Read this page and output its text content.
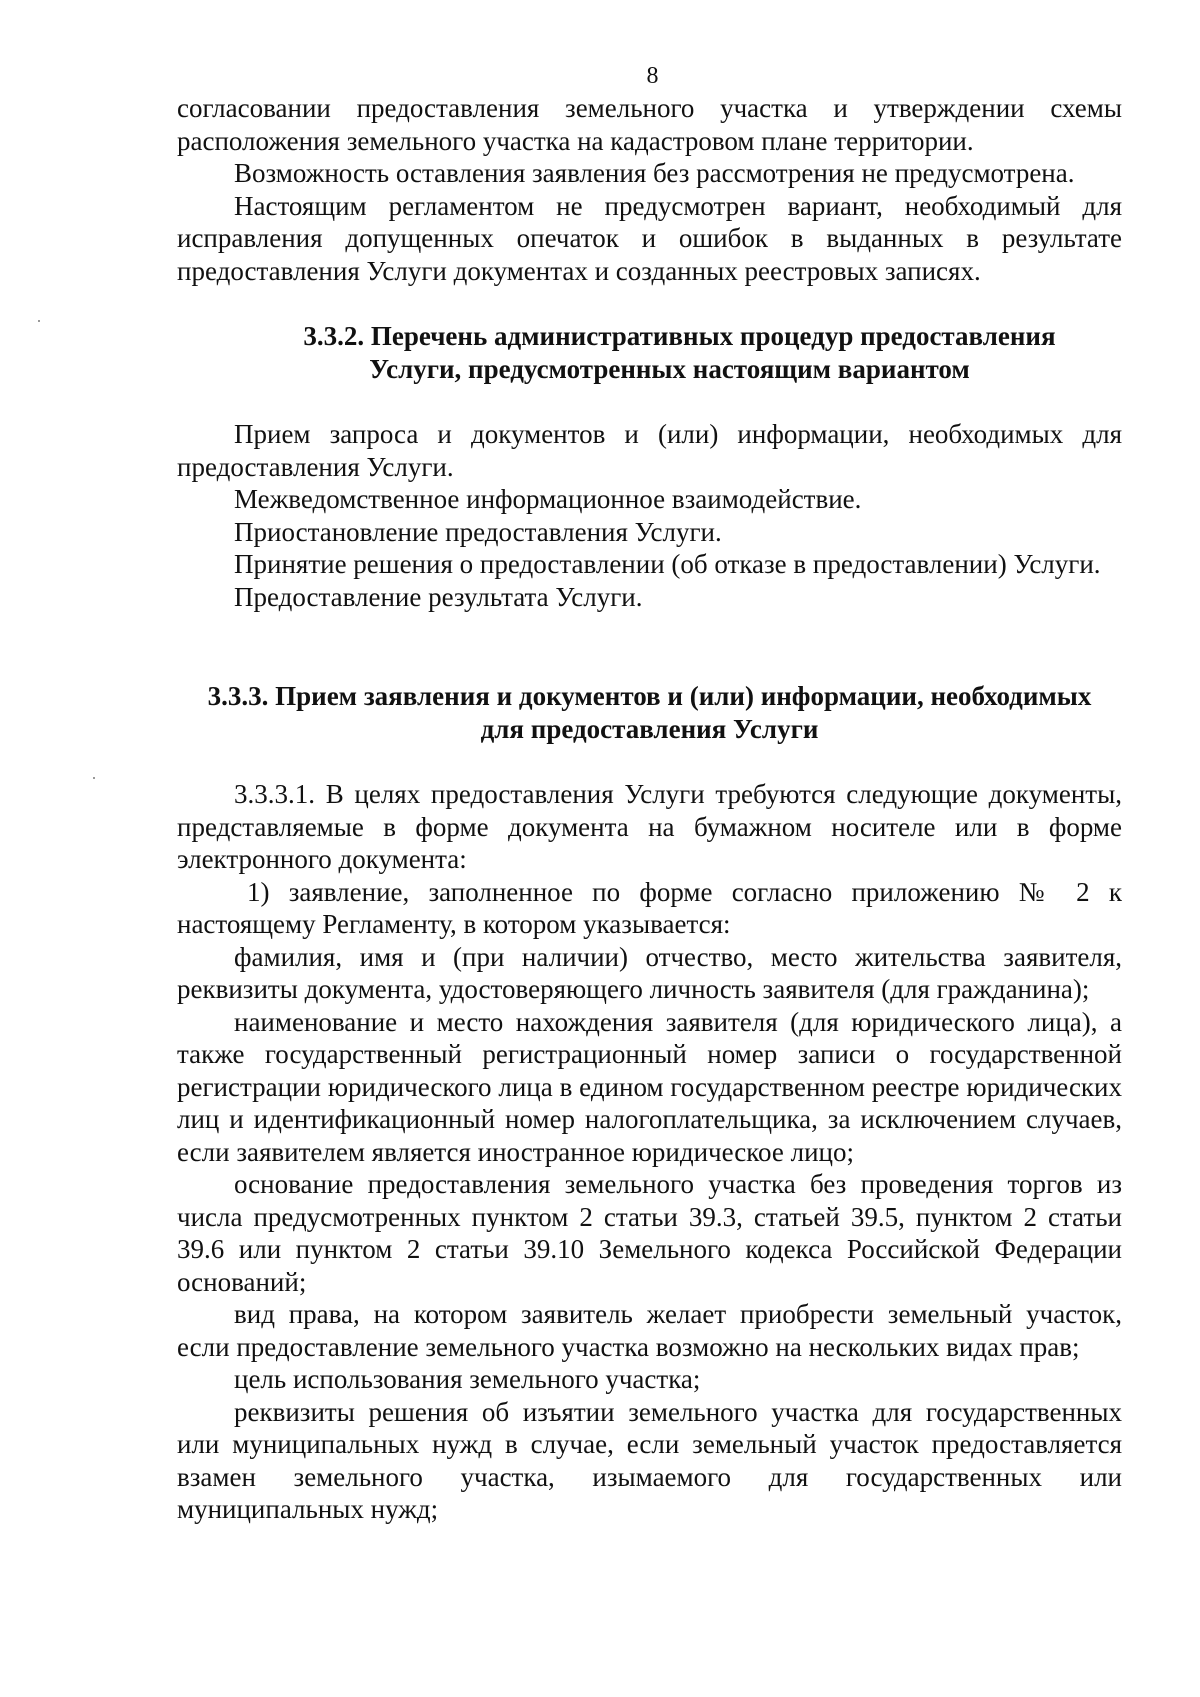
8

согласовании предоставления земельного участка и утверждении схемы расположения земельного участка на кадастровом плане территории.

Возможность оставления заявления без рассмотрения не предусмотрена.

Настоящим регламентом не предусмотрен вариант, необходимый для исправления допущенных опечаток и ошибок в выданных в результате предоставления Услуги документах и созданных реестровых записях.

3.3.2. Перечень административных процедур предоставления

Услуги, предусмотренных настоящим вариантом

Прием запроса и документов и (или) информации, необходимых для предоставления Услуги.

Межведомственное информационное взаимодействие.

Приостановление предоставления Услуги.

Принятие решения о предоставлении (об отказе в предоставлении) Услуги.

Предоставление результата Услуги.

3.3.3. Прием заявления и документов и (или) информации, необходимых

для предоставления Услуги

3.3.3.1. В целях предоставления Услуги требуются следующие документы, представляемые в форме документа на бумажном носителе или в форме электронного документа:

1) заявление, заполненное по форме согласно приложению № 2 к настоящему Регламенту, в котором указывается:

фамилия, имя и (при наличии) отчество, место жительства заявителя, реквизиты документа, удостоверяющего личность заявителя (для гражданина);

наименование и место нахождения заявителя (для юридического лица), а также государственный регистрационный номер записи о государственной регистрации юридического лица в едином государственном реестре юридических лиц и идентификационный номер налогоплательщика, за исключением случаев, если заявителем является иностранное юридическое лицо;

основание предоставления земельного участка без проведения торгов из числа предусмотренных пунктом 2 статьи 39.3, статьей 39.5, пунктом 2 статьи 39.6 или пунктом 2 статьи 39.10 Земельного кодекса Российской Федерации оснований;

вид права, на котором заявитель желает приобрести земельный участок, если предоставление земельного участка возможно на нескольких видах прав;

цель использования земельного участка;

реквизиты решения об изъятии земельного участка для государственных или муниципальных нужд в случае, если земельный участок предоставляется взамен земельного участка, изымаемого для государственных или муниципальных нужд;
